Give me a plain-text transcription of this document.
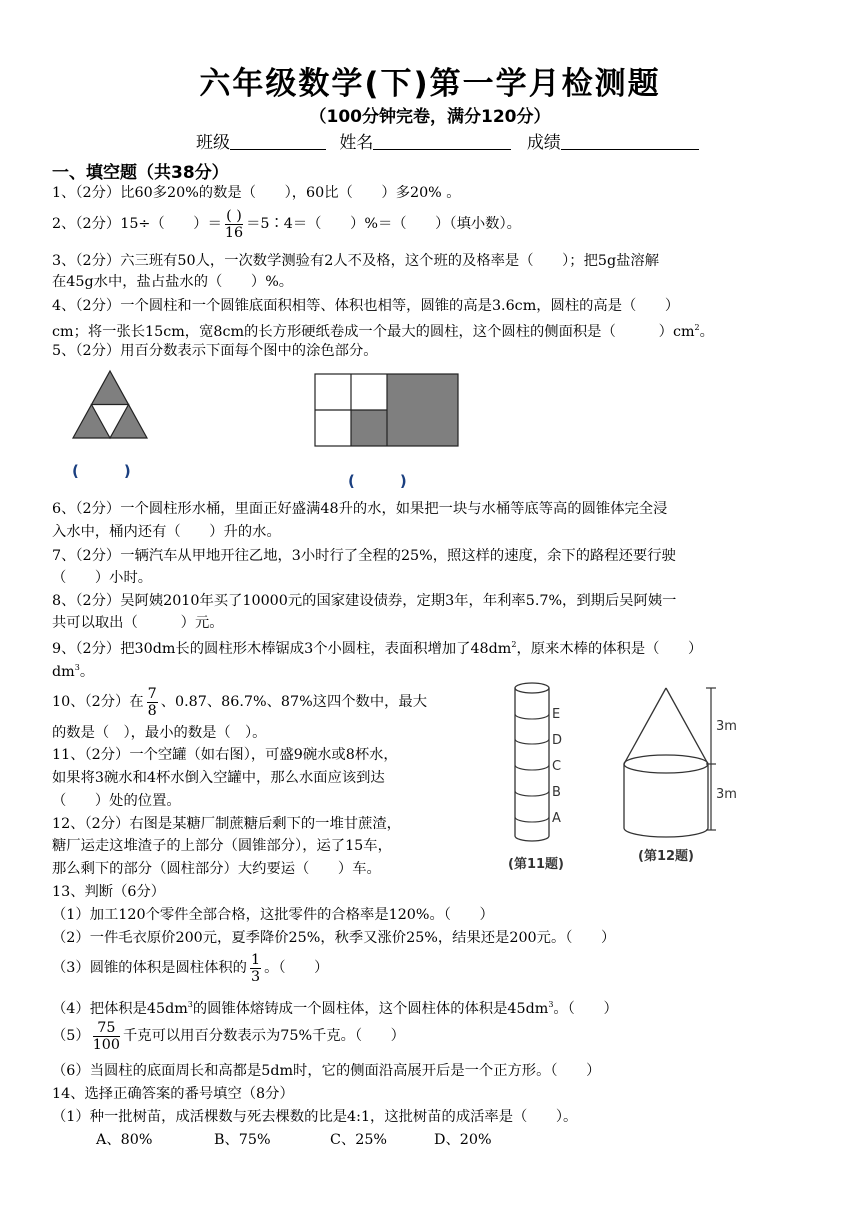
六年级数学(下)第一学月检测题
（100分钟完卷，满分120分）
班级	姓名	成绩
一、填空题（共38分）
1、（2分）比60多20%的数是（　　），60比（　　）多20% 。
2、（2分）15÷（　　）＝ $\frac{( )}{16}$ ＝5∶4＝（　　）%＝（　　）（填小数）。
3、（2分）六三班有50人，一次数学测验有2人不及格，这个班的及格率是（　　）；把5g盐溶解
在45g水中，盐占盐水的（　　）%。
4、（2分）一个圆柱和一个圆锥底面积相等、体积也相等，圆锥的高是3.6cm，圆柱的高是（　　）
cm；将一张长15cm，宽8cm的长方形硬纸卷成一个最大的圆柱，这个圆柱的侧面积是（　　　）$cm^2$。
5、（2分）用百分数表示下面每个图中的涂色部分。
(　　　)
(　　　)
6、（2分）一个圆柱形水桶，里面正好盛满48升的水，如果把一块与水桶等底等高的圆锥体完全浸
入水中，桶内还有（　　）升的水。
7、（2分）一辆汽车从甲地开往乙地，3小时行了全程的25%，照这样的速度，余下的路程还要行驶
（　　）小时。
8、（2分）吴阿姨2010年买了10000元的国家建设债券，定期3年，年利率5.7%，到期后吴阿姨一
共可以取出（　　　）元。
9、（2分）把30dm长的圆柱形木棒锯成3个小圆柱，表面积增加了$48dm^2$，原来木棒的体积是（　　）
$dm^3$。
10、（2分）在 $\frac{7}{8}$ 、0.87、86.7%、87%这四个数中，最大
的数是（　），最小的数是（　）。
11、（2分）一个空罐（如右图），可盛9碗水或8杯水，
如果将3碗水和4杯水倒入空罐中，那么水面应该到达
（　　）处的位置。
12、（2分）右图是某糖厂制蔗糖后剩下的一堆甘蔗渣，
糖厂运走这堆渣子的上部分（圆锥部分），运了15车，
那么剩下的部分（圆柱部分）大约要运（　　）车。
E
D
C
B
A
(第11题)
3m
3m
(第12题)
13、判断（6分）
（1）加工120个零件全部合格，这批零件的合格率是120%。（　　）
（2）一件毛衣原价200元，夏季降价25%，秋季又涨价25%，结果还是200元。（　　）
（3）圆锥的体积是圆柱体积的 $\frac{1}{3}$ 。（　　）
（4）把体积是$45dm^3$的圆锥体熔铸成一个圆柱体，这个圆柱体的体积是$45dm^3$。（　　）
$(5) \frac{75}{100}$ 千克可以用百分数表示为75%千克。（　　）
（6）当圆柱的底面周长和高都是5dm时，它的侧面沿高展开后是一个正方形。（　　）
14、选择正确答案的番号填空（8分）
（1）种一批树苗，成活棵数与死去棵数的比是4:1，这批树苗的成活率是（　　）。
A、80%	B、75%	C、25%	D、20%
